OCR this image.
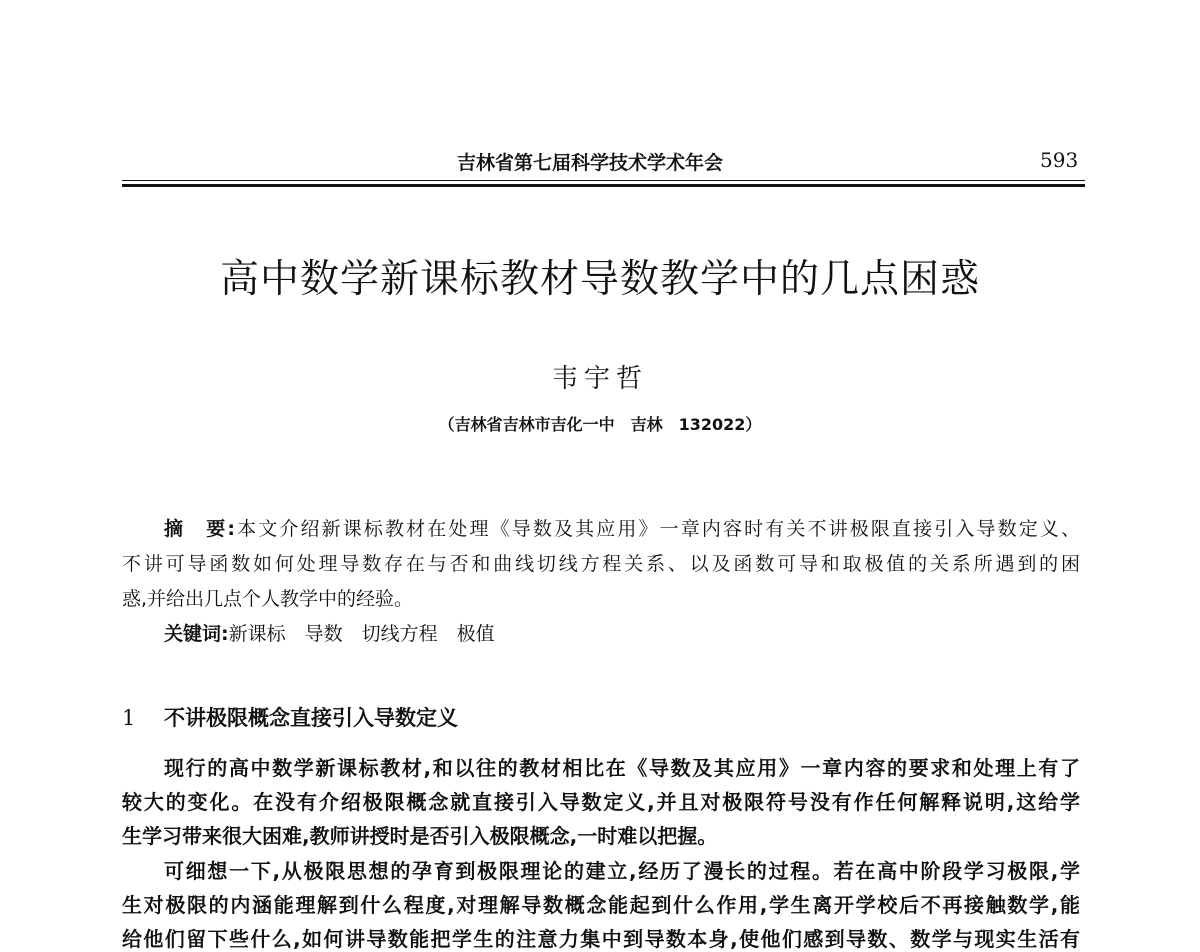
吉林省第七届科学技术学术年会	593
高中数学新课标教材导数教学中的几点困惑
韦宇哲
（吉林省吉林市吉化一中　吉林　132022）
摘　要:本文介绍新课标教材在处理《导数及其应用》一章内容时有关不讲极限直接引入导数定义、
不讲可导函数如何处理导数存在与否和曲线切线方程关系、以及函数可导和取极值的关系所遇到的困
惑,并给出几点个人教学中的经验。
关键词:新课标　导数　切线方程　极值
1 不讲极限概念直接引入导数定义
现行的高中数学新课标教材,和以往的教材相比在《导数及其应用》一章内容的要求和处理上有了
较大的变化。在没有介绍极限概念就直接引入导数定义,并且对极限符号没有作任何解释说明,这给学
生学习带来很大困难,教师讲授时是否引入极限概念,一时难以把握。
可细想一下,从极限思想的孕育到极限理论的建立,经历了漫长的过程。若在高中阶段学习极限,学
生对极限的内涵能理解到什么程度,对理解导数概念能起到什么作用,学生离开学校后不再接触数学,能
给他们留下些什么,如何讲导数能把学生的注意力集中到导数本身,使他们感到导数、数学与现实生活有
